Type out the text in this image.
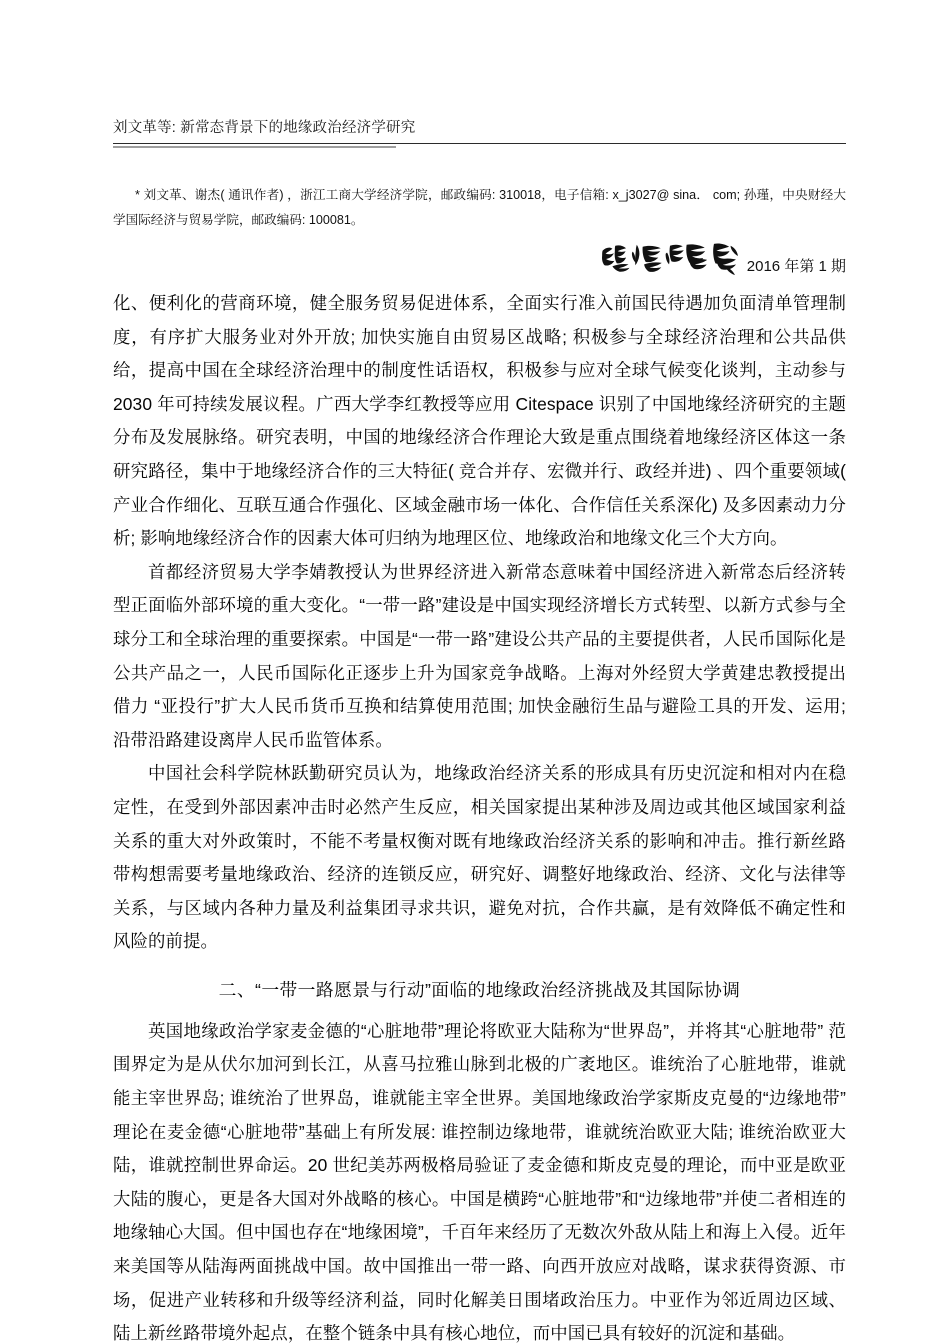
刘文革等: 新常态背景下的地缘政治经济学研究
* 刘文革、谢杰( 通讯作者) ，浙江工商大学经济学院，邮政编码: 310018，电子信箱: x_j3027@ sina． com; 孙瑾，中央财经大学国际经济与贸易学院，邮政编码: 100081。
2016 年第 1 期

化、便利化的营商环境，健全服务贸易促进体系，全面实行准入前国民待遇加负面清单管理制度，有序扩大服务业对外开放; 加快实施自由贸易区战略; 积极参与全球经济治理和公共品供给，提高中国在全球经济治理中的制度性话语权，积极参与应对全球气候变化谈判，主动参与 2030 年可持续发展议程。广西大学李红教授等应用 Citespace 识别了中国地缘经济研究的主题分布及发展脉络。研究表明，中国的地缘经济合作理论大致是重点围绕着地缘经济区体这一条研究路径，集中于地缘经济合作的三大特征( 竞合并存、宏微并行、政经并进) 、四个重要领域( 产业合作细化、互联互通合作强化、区域金融市场一体化、合作信任关系深化) 及多因素动力分析; 影响地缘经济合作的因素大体可归纳为地理区位、地缘政治和地缘文化三个大方向。

首都经济贸易大学李婧教授认为世界经济进入新常态意味着中国经济进入新常态后经济转型正面临外部环境的重大变化。“一带一路”建设是中国实现经济增长方式转型、以新方式参与全球分工和全球治理的重要探索。中国是“一带一路”建设公共产品的主要提供者，人民币国际化是公共产品之一，人民币国际化正逐步上升为国家竞争战略。上海对外经贸大学黄建忠教授提出借力 “亚投行”扩大人民币货币互换和结算使用范围; 加快金融衍生品与避险工具的开发、运用; 沿带沿路建设离岸人民币监管体系。

中国社会科学院林跃勤研究员认为，地缘政治经济关系的形成具有历史沉淀和相对内在稳定性，在受到外部因素冲击时必然产生反应，相关国家提出某种涉及周边或其他区域国家利益关系的重大对外政策时，不能不考量权衡对既有地缘政治经济关系的影响和冲击。推行新丝路带构想需要考量地缘政治、经济的连锁反应，研究好、调整好地缘政治、经济、文化与法律等关系，与区域内各种力量及利益集团寻求共识，避免对抗，合作共赢，是有效降低不确定性和风险的前提。

二、“一带一路愿景与行动”面临的地缘政治经济挑战及其国际协调

英国地缘政治学家麦金德的“心脏地带”理论将欧亚大陆称为“世界岛”，并将其“心脏地带” 范围界定为是从伏尔加河到长江，从喜马拉雅山脉到北极的广袤地区。谁统治了心脏地带，谁就能主宰世界岛; 谁统治了世界岛，谁就能主宰全世界。美国地缘政治学家斯皮克曼的“边缘地带”理论在麦金德“心脏地带”基础上有所发展: 谁控制边缘地带，谁就统治欧亚大陆; 谁统治欧亚大陆，谁就控制世界命运。20 世纪美苏两极格局验证了麦金德和斯皮克曼的理论，而中亚是欧亚大陆的腹心，更是各大国对外战略的核心。中国是横跨“心脏地带”和“边缘地带”并使二者相连的地缘轴心大国。但中国也存在“地缘困境”，千百年来经历了无数次外敌从陆上和海上入侵。近年来美国等从陆海两面挑战中国。故中国推出一带一路、向西开放应对战略，谋求获得资源、市场，促进产业转移和升级等经济利益，同时化解美日围堵政治压力。中亚作为邻近周边区域、陆上新丝路带境外起点，在整个链条中具有核心地位，而中国已具有较好的沉淀和基础。
